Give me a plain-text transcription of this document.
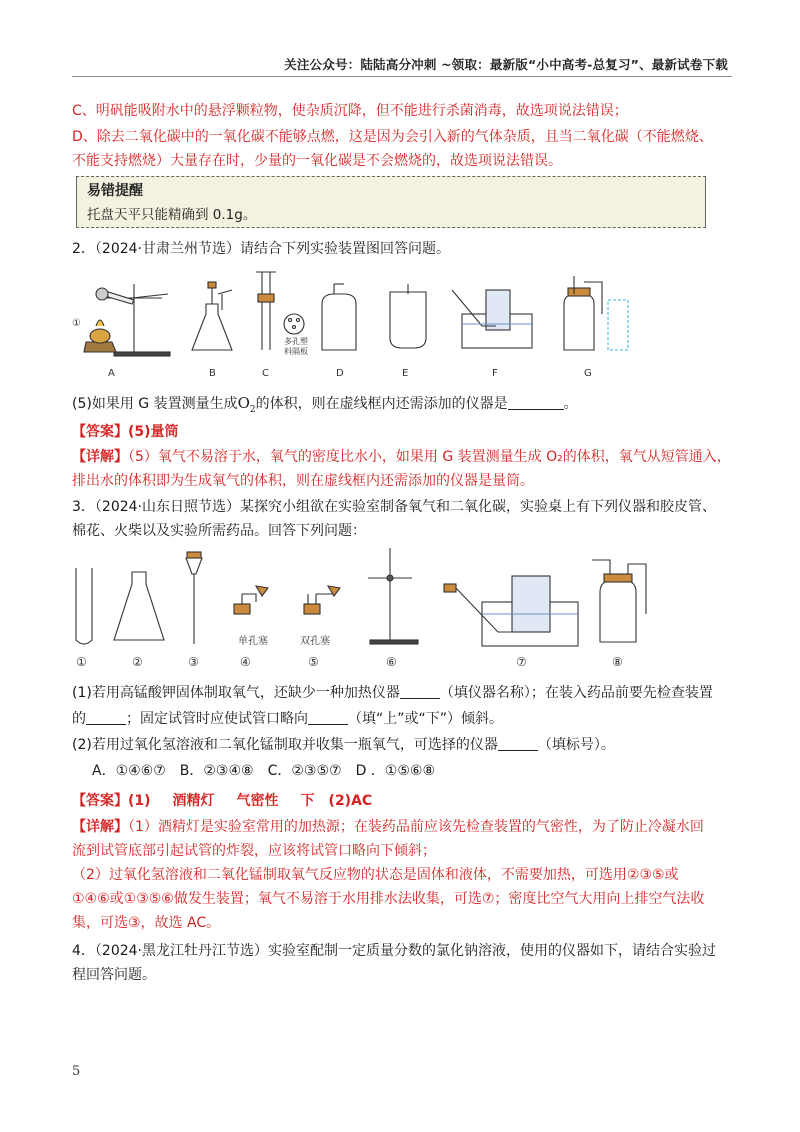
关注公众号：陆陆高分冲刺 ~领取：最新版“小中高考-总复习”、最新试卷下载
C、明矾能吸附水中的悬浮颗粒物，使杂质沉降，但不能进行杀菌消毒，故选项说法错误；
D、除去二氧化碳中的一氧化碳不能够点燃，这是因为会引入新的气体杂质，且当二氧化碳（不能燃烧、
不能支持燃烧）大量存在时，少量的一氧化碳是不会燃烧的，故选项说法错误。
易错提醒
托盘天平只能精确到 0.1g。
2．（2024·甘肃兰州节选）请结合下列实验装置图回答问题。
①
多孔塑
料隔板
A	B	C	D	E	F	G
(5)如果用 G 装置测量生成$O_2$的体积，则在虚线框内还需添加的仪器是	。
【答案】(5)量筒
【详解】（5）氧气不易溶于水，氧气的密度比水小，如果用 G 装置测量生成 O₂的体积，氧气从短管通入，
排出水的体积即为生成氧气的体积，则在虚线框内还需添加的仪器是量筒。
3．（2024·山东日照节选）某探究小组欲在实验室制备氧气和二氧化碳，实验桌上有下列仪器和胶皮管、
棉花、火柴以及实验所需药品。回答下列问题：
单孔塞	双孔塞
①	②	③	④	⑤	⑥	⑦	⑧
(1)若用高锰酸钾固体制取氧气，还缺少一种加热仪器	（填仪器名称）；在装入药品前要先检查装置
的	；固定试管时应使试管口略向	（填“上”或“下”）倾斜。
(2)若用过氧化氢溶液和二氧化锰制取并收集一瓶氧气，可选择的仪器	（填标号）。
A．①④⑥⑦ B．②③④⑧ C．②③⑤⑦ D ．①⑤⑥⑧
【答案】(1) 酒精灯 气密性 下 (2)AC
【详解】（1）酒精灯是实验室常用的加热源；在装药品前应该先检查装置的气密性，为了防止冷凝水回
流到试管底部引起试管的炸裂，应该将试管口略向下倾斜；
（2）过氧化氢溶液和二氧化锰制取氧气反应物的状态是固体和液体，不需要加热，可选用②③⑤或
①④⑥或①③⑤⑥做发生装置；氧气不易溶于水用排水法收集，可选⑦；密度比空气大用向上排空气法收
集，可选③，故选 AC。
4．（2024·黑龙江牡丹江节选）实验室配制一定质量分数的氯化钠溶液，使用的仪器如下，请结合实验过
程回答问题。
5
